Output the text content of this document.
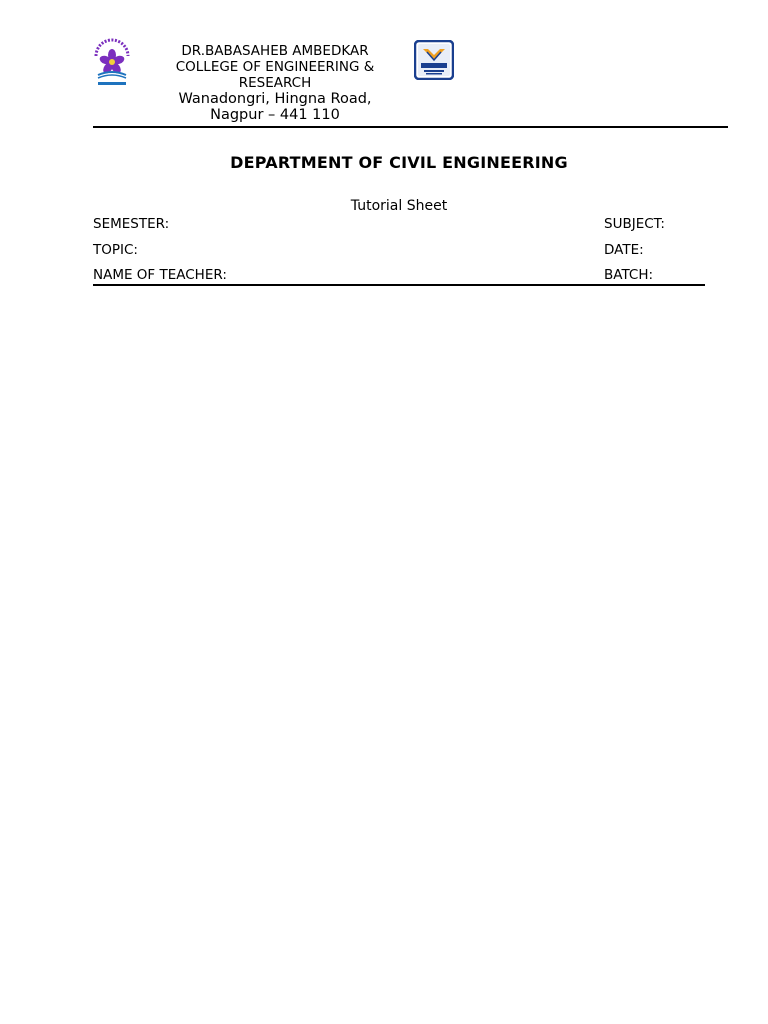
DR.BABASAHEB AMBEDKAR
COLLEGE OF ENGINEERING &
RESEARCH
Wanadongri, Hingna Road,
Nagpur – 441 110
DEPARTMENT OF CIVIL ENGINEERING
Tutorial Sheet
SEMESTER:
TOPIC:
NAME OF TEACHER:
SUBJECT:
DATE:
BATCH:
